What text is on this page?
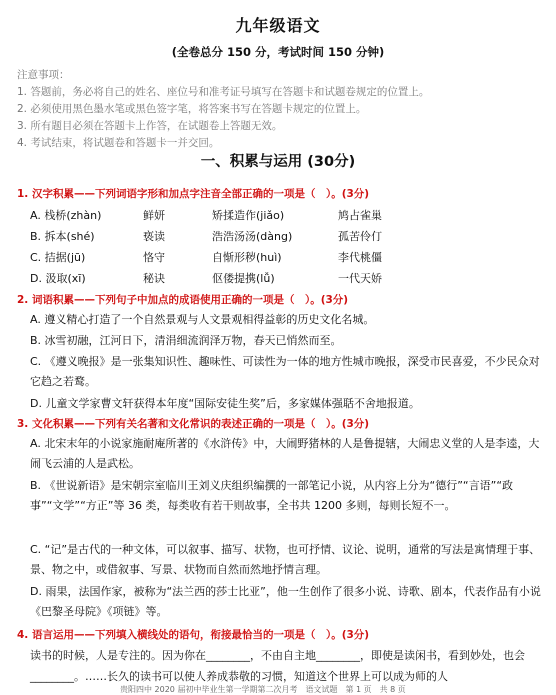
九年级语文
(全卷总分 150 分，考试时间 150 分钟)
注意事项：
1. 答题前，务必将自己的姓名、座位号和准考证号填写在答题卡和试题卷规定的位置上。
2. 必须使用黑色墨水笔或黑色签字笔，将答案书写在答题卡规定的位置上。
3. 所有题目必须在答题卡上作答，在试题卷上答题无效。
4. 考试结束，将试题卷和答题卡一并交回。
一、积累与运用 (30分)
1. 汉字积累——下列词语字形和加点字注音全部正确的一项是（　）。(3分)
A. 栈桥(zhàn)	鲜妍	矫揉造作(jiǎo)	鸠占雀巢
B. 拆本(shé)	亵读	浩浩汤汤(dàng)	孤苦伶仃
C. 拮据(jū)	恪守	自惭形秽(huì)	李代桃僵
D. 汲取(xī)	秘诀	伛偻提携(lǚ)	一代天娇
2. 词语积累——下列句子中加点的成语使用正确的一项是（　）。(3分)
A. 遵义精心打造了一个自然景观与人文景观相得益彰的历史文化名城。
B. 冰雪初融，江河日下，清涓细流润泽万物，春天已悄然而至。
C. 《遵义晚报》是一张集知识性、趣味性、可读性为一体的地方性城市晚报，深受市民喜爱，不少民众对它趋之若鹜。
D. 儿童文学家曹文轩获得本年度“国际安徒生奖”后，多家媒体强聒不舍地报道。
3. 文化积累——下列有关名著和文化常识的表述正确的一项是（　）。(3分)
A. 北宋末年的小说家施耐庵所著的《水浒传》中，大闹野猪林的人是鲁提辖，大闹忠义堂的人是李逵，大闹飞云浦的人是武松。
B. 《世说新语》是宋朝宗室临川王刘义庆组织编撰的一部笔记小说，从内容上分为“德行”“言语”“政事”“文学”“方正”等 36 类，每类收有若干则故事，全书共 1200 多则，每则长短不一。
C. “记”是古代的一种文体，可以叙事、描写、状物，也可抒情、议论、说明，通常的写法是寓情理于事、景、物之中，或借叙事、写景、状物而自然而然地抒情言理。
D. 雨果，法国作家，被称为“法兰西的莎士比亚”，他一生创作了很多小说、诗歌、剧本，代表作品有小说《巴黎圣母院》《项链》等。
4. 语言运用——下列填入横线处的语句，衔接最恰当的一项是（　）。(3分)
读书的时候，人是专注的。因为你在________，不由自主地________，即使是读闲书，看到妙处，也会________。……长久的读书可以使人养成恭敬的习惯，知道这个世界上可以成为师的人
贵阳四中 2020 届初中毕业生第一学期第二次月考　语文试题　第 1 页　共 8 页
